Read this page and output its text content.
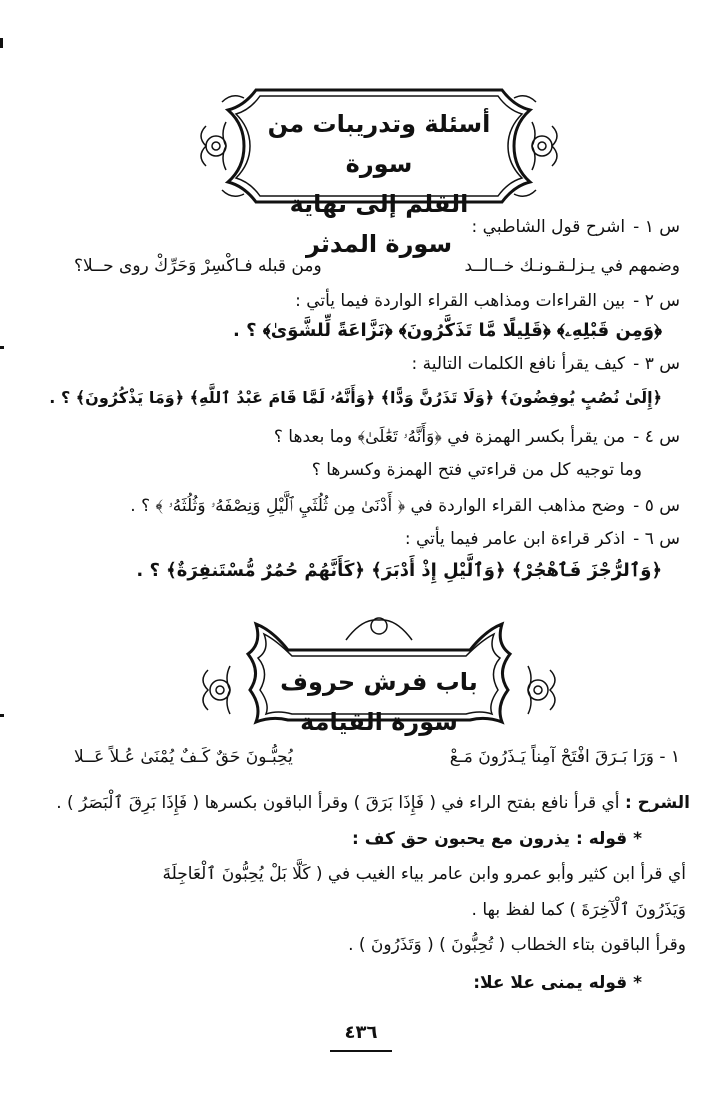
أسئلة وتدريبات من سورة
القلم إلى نهاية سورة المدثر
س ١ -اشرح قول الشاطبي :
وضمهم في يـزلـقـونـك خــالــد
ومن قبله فـاكْسِرْ وَحَرِّكْ روى حــلا؟
س ٢ -بين القراءات ومذاهب القراء الواردة فيما يأتي :
﴿وَمِن قَبْلِهِۦ﴾ ﴿قَلِيلًا مَّا تَذَكَّرُونَ﴾ ﴿نَزَّاعَةً لِّلشَّوَىٰ﴾ ؟ .
س ٣ -كيف يقرأ نافع الكلمات التالية :
﴿إِلَىٰ نُصُبٍ يُوفِضُونَ﴾ ﴿وَلَا تَذَرُنَّ وَدًّا﴾ ﴿وَأَنَّهُۥ لَمَّا قَامَ عَبْدُ ٱللَّهِ﴾ ﴿وَمَا يَذْكُرُونَ﴾ ؟ .
س ٤ -من يقرأ بكسر الهمزة في ﴿وَأَنَّهُۥ تَعَٰلَىٰ﴾ وما بعدها ؟
وما توجيه كل من قراءتي فتح الهمزة وكسرها ؟
س ٥ -وضح مذاهب القراء الواردة في ﴿ أَدْنَىٰ مِن ثُلُثَيِ ٱلَّيْلِ وَنِصْفَهُۥ وَثُلُثَهُۥ ﴾ ؟ .
س ٦ -اذكر قراءة ابن عامر فيما يأتي :
﴿وَٱلرُّجْزَ فَٱهْجُرْ﴾ ﴿وَٱلَّيْلِ إِذْ أَدْبَرَ﴾ ﴿كَأَنَّهُمْ حُمُرٌ مُّسْتَنفِرَةٌ﴾ ؟ .
باب فرش حروف سورة القيامة
١ - وَرَا بَـرَقَ افْتَحْ آمِناً يَـذَرُونَ مَـعْ
يُحِبُّـونَ حَقٌ كَـفٌ يُمْنَىٰ عُـلاً عَــلا
الشرح : أي قرأ نافع بفتح الراء في ( فَإِذَا بَرَقَ ) وقرأ الباقون بكسرها ( فَإِذَا بَرِقَ ٱلْبَصَرُ ) .
* قوله : يذرون مع يحبون حق كف :
أي قرأ ابن كثير وأبو عمرو وابن عامر بياء الغيب في ( كَلَّا بَلْ يُحِبُّونَ ٱلْعَاجِلَةَ
وَيَذَرُونَ ٱلْآخِرَةَ ) كما لفظ بها .
وقرأ الباقون بتاء الخطاب ( تُحِبُّونَ ) ( وَتَذَرُونَ ) .
* قوله يمنى علا علا:
٤٣٦
